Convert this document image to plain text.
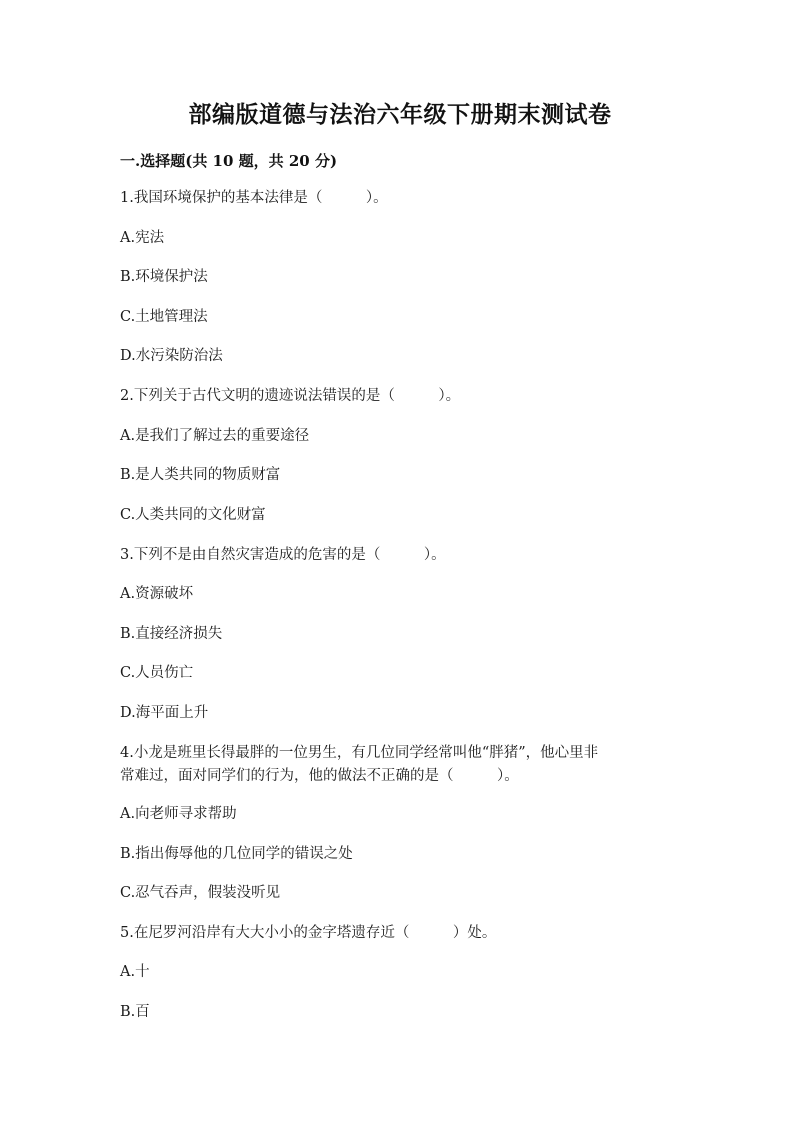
部编版道德与法治六年级下册期末测试卷
一.选择题(共 10 题，共 20 分)
1.我国环境保护的基本法律是（　　　）。
A.宪法
B.环境保护法
C.土地管理法
D.水污染防治法
2.下列关于古代文明的遗迹说法错误的是（　　　）。
A.是我们了解过去的重要途径
B.是人类共同的物质财富
C.人类共同的文化财富
3.下列不是由自然灾害造成的危害的是（　　　）。
A.资源破坏
B.直接经济损失
C.人员伤亡
D.海平面上升
4.小龙是班里长得最胖的一位男生，有几位同学经常叫他“胖猪”，他心里非
常难过，面对同学们的行为，他的做法不正确的是（　　　）。
A.向老师寻求帮助
B.指出侮辱他的几位同学的错误之处
C.忍气吞声，假装没听见
5.在尼罗河沿岸有大大小小的金字塔遗存近（　　　）处。
A.十
B.百
